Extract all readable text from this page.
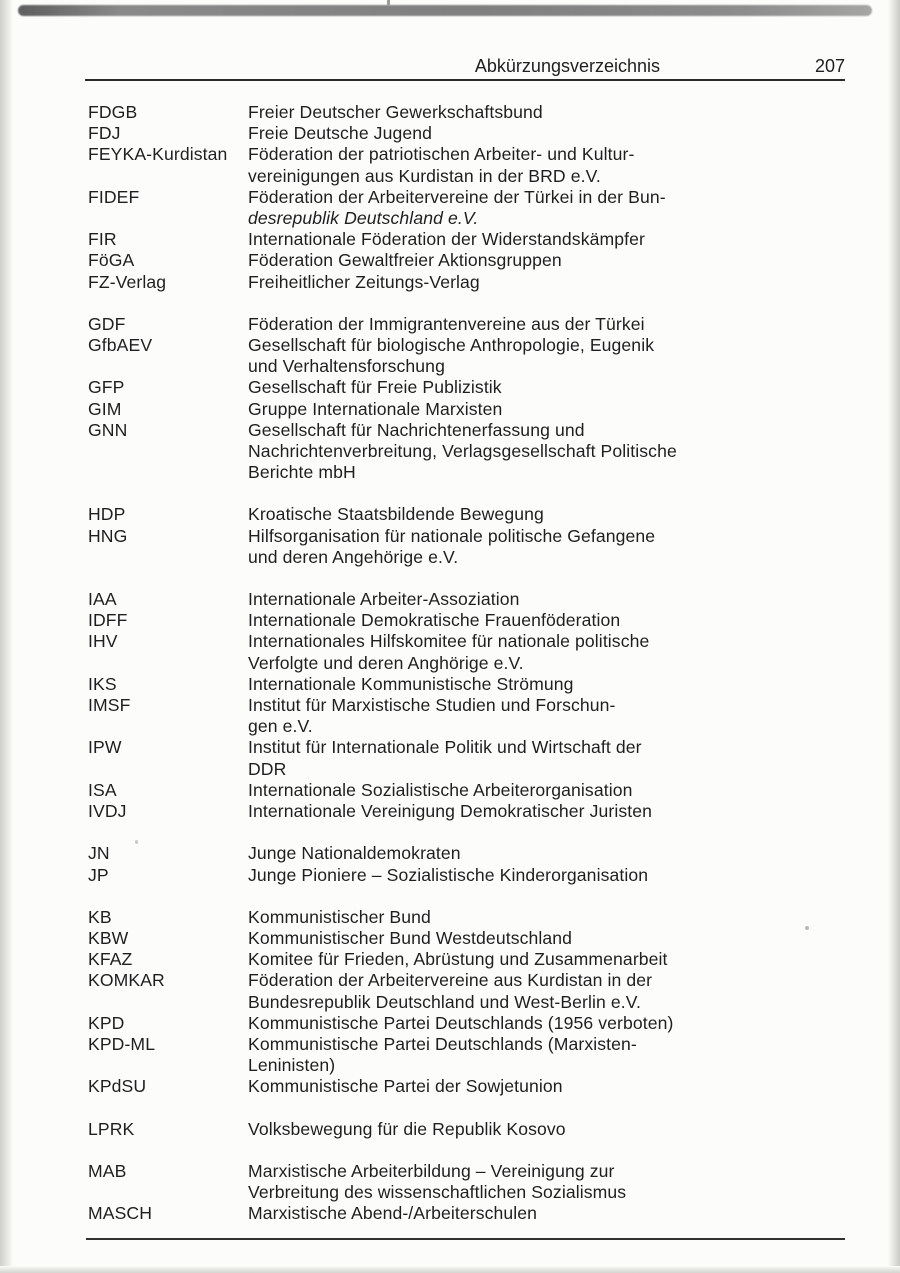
Abkürzungsverzeichnis	207
FDGB	Freier Deutscher Gewerkschaftsbund
FDJ	Freie Deutsche Jugend
FEYKA-Kurdistan	Föderation der patriotischen Arbeiter- und Kultur-
vereinigungen aus Kurdistan in der BRD e.V.
FIDEF	Föderation der Arbeitervereine der Türkei in der Bun-
desrepublik Deutschland e.V.
FIR	Internationale Föderation der Widerstandskämpfer
FöGA	Föderation Gewaltfreier Aktionsgruppen
FZ-Verlag	Freiheitlicher Zeitungs-Verlag
GDF	Föderation der Immigrantenvereine aus der Türkei
GfbAEV	Gesellschaft für biologische Anthropologie, Eugenik
und Verhaltensforschung
GFP	Gesellschaft für Freie Publizistik
GIM	Gruppe Internationale Marxisten
GNN	Gesellschaft für Nachrichtenerfassung und
Nachrichtenverbreitung, Verlagsgesellschaft Politische
Berichte mbH
HDP	Kroatische Staatsbildende Bewegung
HNG	Hilfsorganisation für nationale politische Gefangene
und deren Angehörige e.V.
IAA	Internationale Arbeiter-Assoziation
IDFF	Internationale Demokratische Frauenföderation
IHV	Internationales Hilfskomitee für nationale politische
Verfolgte und deren Anghörige e.V.
IKS	Internationale Kommunistische Strömung
IMSF	Institut für Marxistische Studien und Forschun-
gen e.V.
IPW	Institut für Internationale Politik und Wirtschaft der
DDR
ISA	Internationale Sozialistische Arbeiterorganisation
IVDJ	Internationale Vereinigung Demokratischer Juristen
JN	Junge Nationaldemokraten
JP	Junge Pioniere – Sozialistische Kinderorganisation
KB	Kommunistischer Bund
KBW	Kommunistischer Bund Westdeutschland
KFAZ	Komitee für Frieden, Abrüstung und Zusammenarbeit
KOMKAR	Föderation der Arbeitervereine aus Kurdistan in der
Bundesrepublik Deutschland und West-Berlin e.V.
KPD	Kommunistische Partei Deutschlands (1956 verboten)
KPD-ML	Kommunistische Partei Deutschlands (Marxisten-
Leninisten)
KPdSU	Kommunistische Partei der Sowjetunion
LPRK	Volksbewegung für die Republik Kosovo
MAB	Marxistische Arbeiterbildung – Vereinigung zur
Verbreitung des wissenschaftlichen Sozialismus
MASCH	Marxistische Abend-/Arbeiterschulen
